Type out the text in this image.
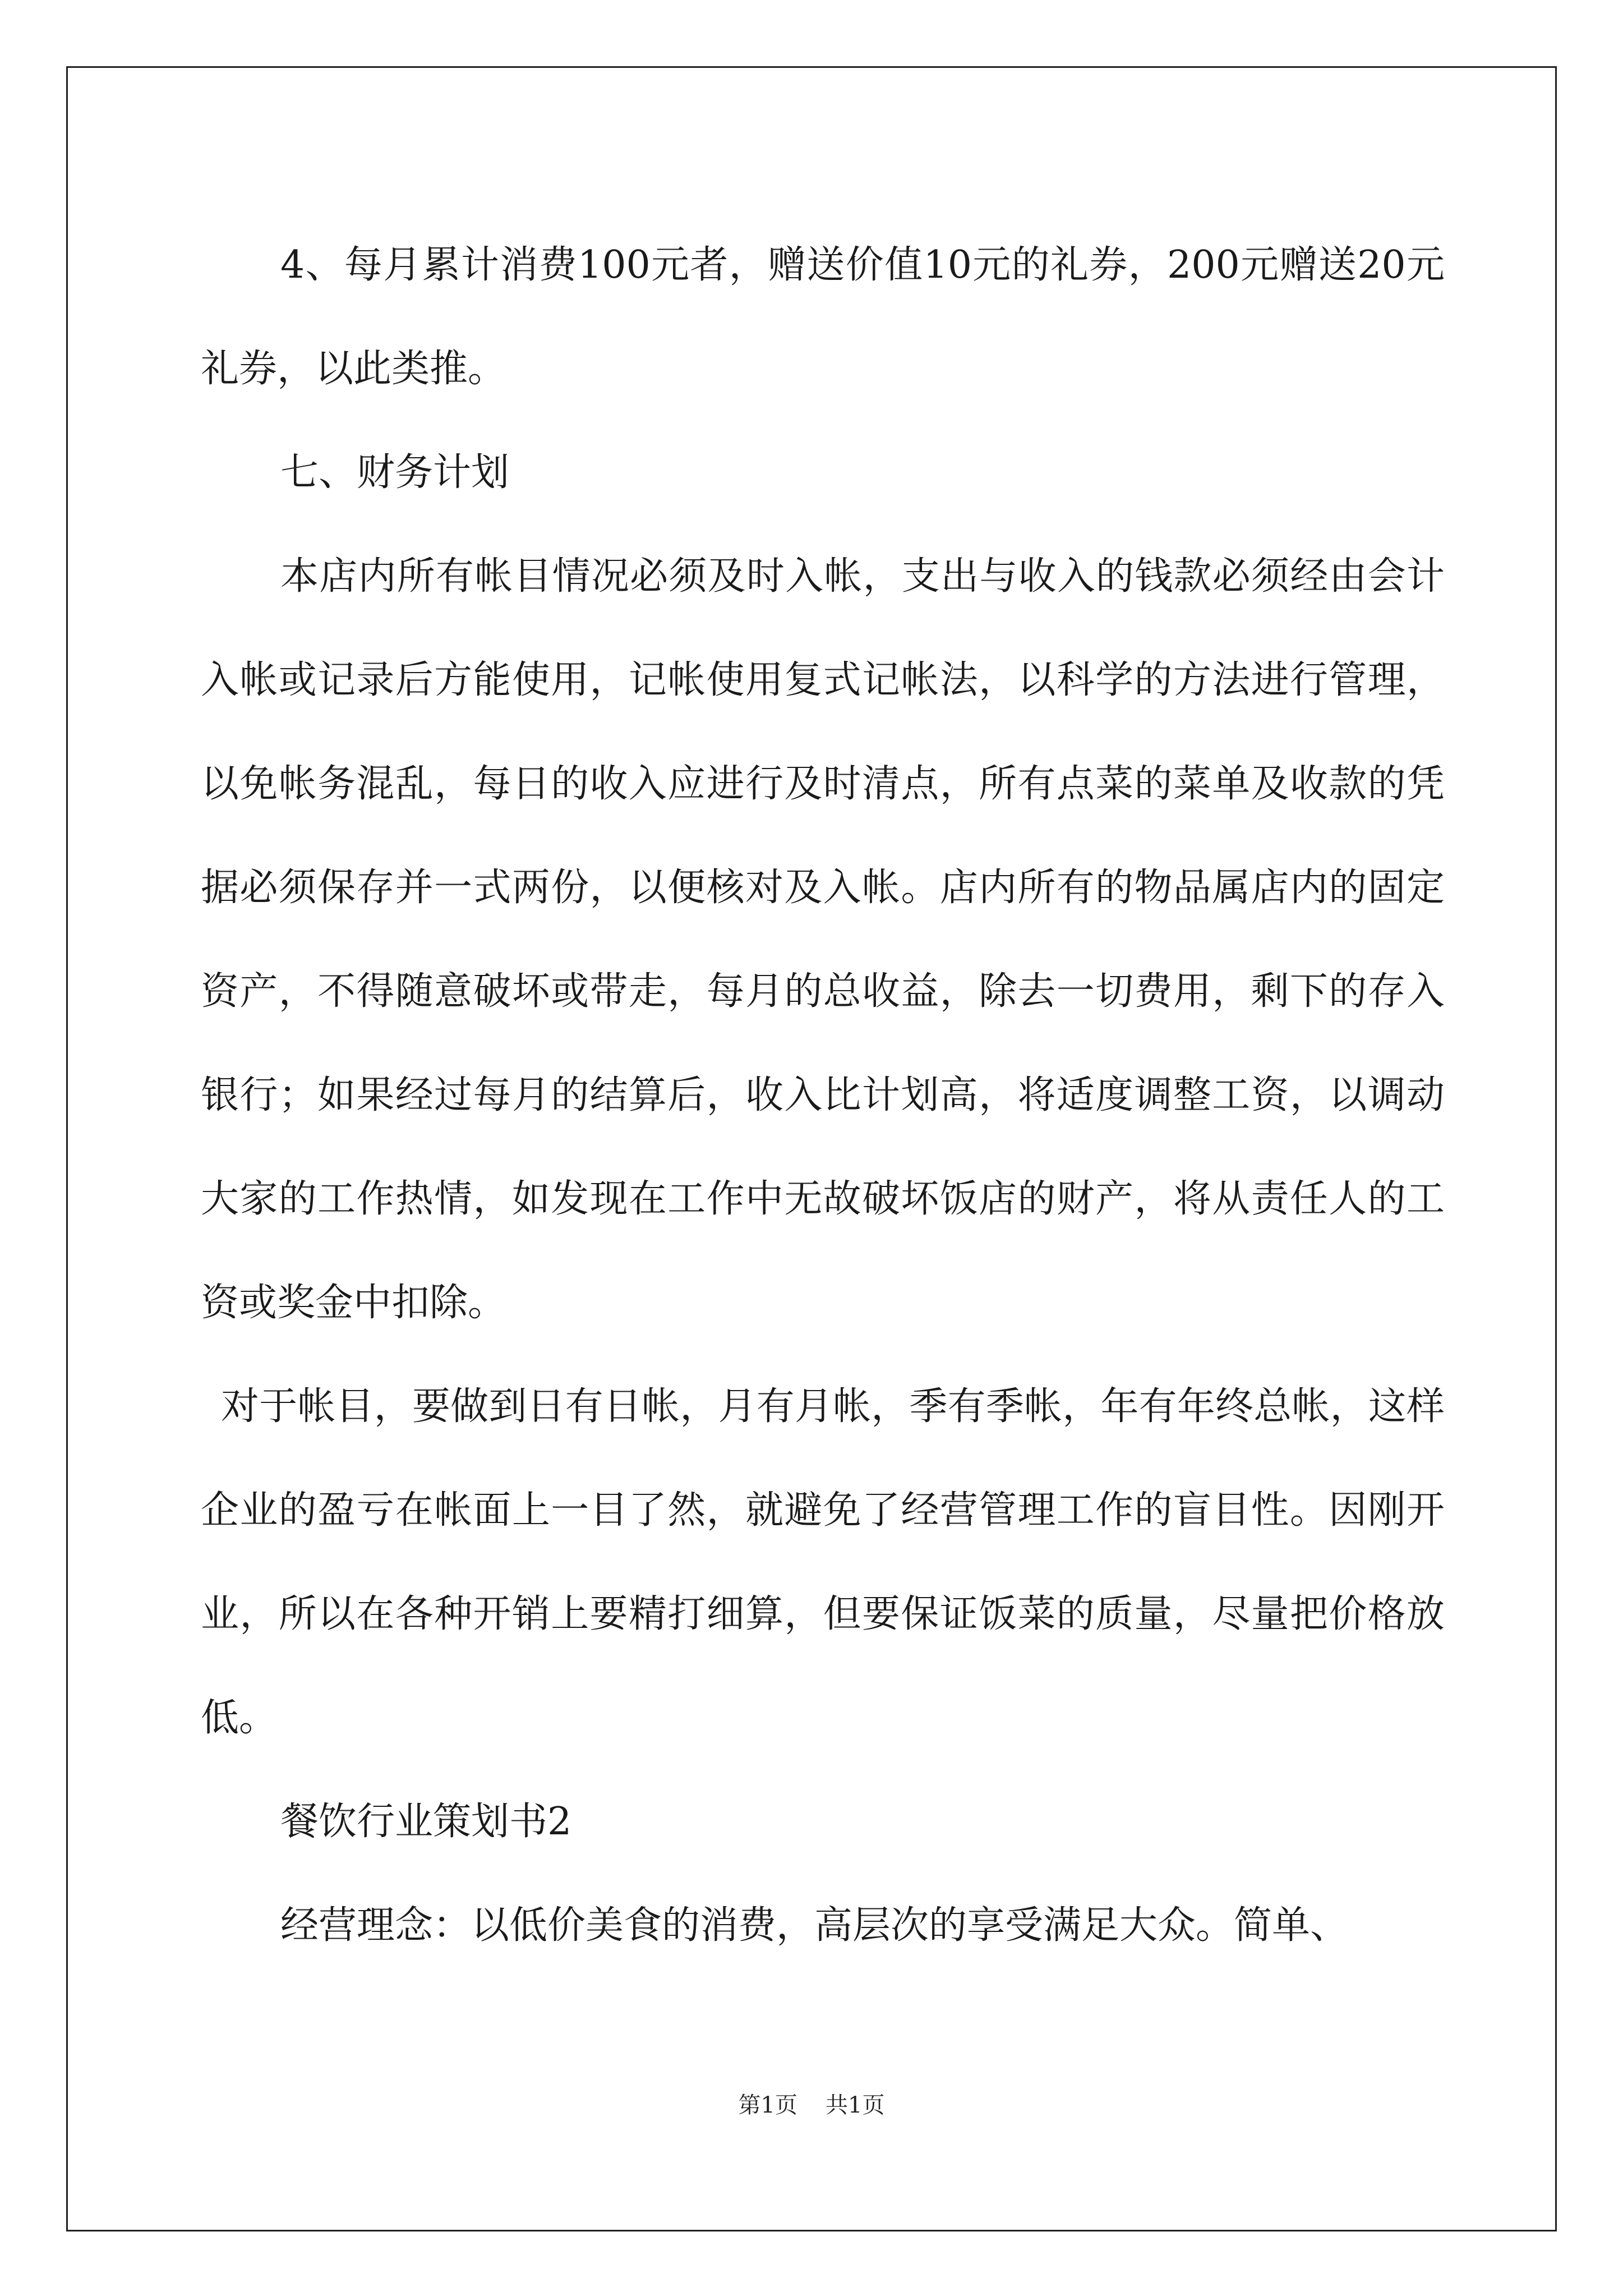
4、每月累计消费100元者，赠送价值10元的礼券，200元赠送20元礼券，以此类推。

七、财务计划

本店内所有帐目情况必须及时入帐，支出与收入的钱款必须经由会计入帐或记录后方能使用，记帐使用复式记帐法，以科学的方法进行管理，以免帐务混乱，每日的收入应进行及时清点，所有点菜的菜单及收款的凭据必须保存并一式两份，以便核对及入帐。店内所有的物品属店内的固定资产，不得随意破坏或带走，每月的总收益，除去一切费用，剩下的存入银行；如果经过每月的结算后，收入比计划高，将适度调整工资，以调动大家的工作热情，如发现在工作中无故破坏饭店的财产，将从责任人的工资或奖金中扣除。

对于帐目，要做到日有日帐，月有月帐，季有季帐，年有年终总帐，这样企业的盈亏在帐面上一目了然，就避免了经营管理工作的盲目性。因刚开业，所以在各种开销上要精打细算，但要保证饭菜的质量，尽量把价格放低。

餐饮行业策划书2

经营理念：以低价美食的消费，高层次的享受满足大众。简单、

第1页 共1页
